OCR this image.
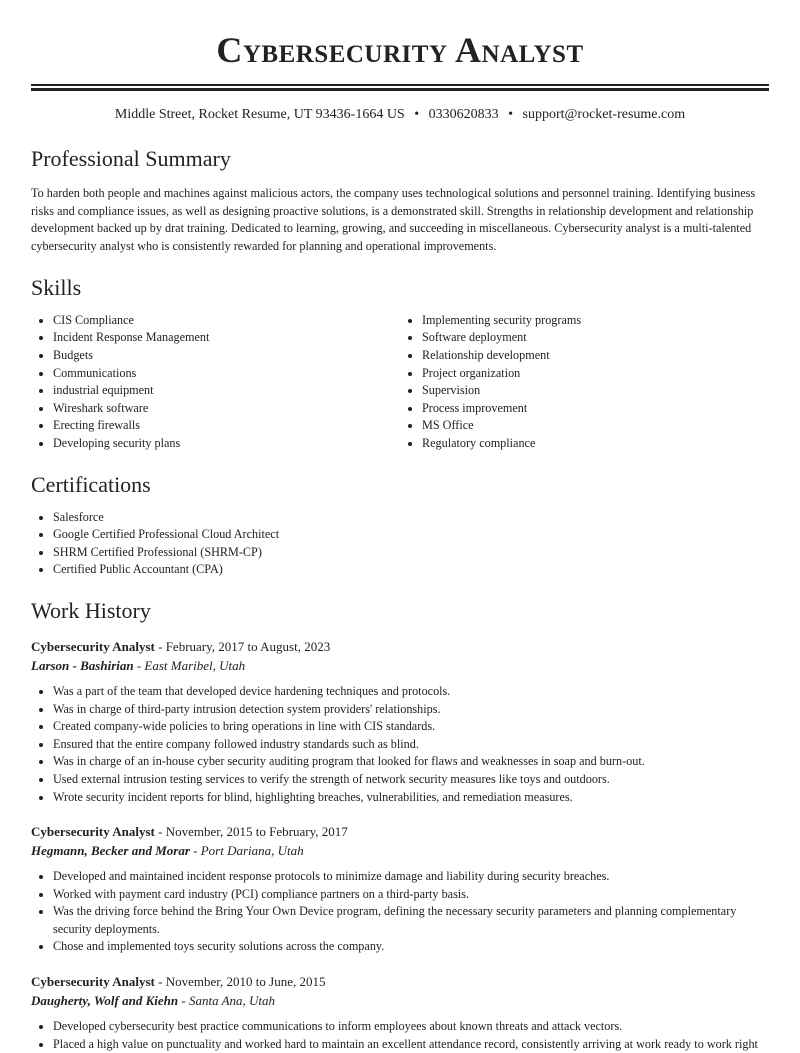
Cybersecurity Analyst
Middle Street, Rocket Resume, UT 93436-1664 US • 0330620833 • support@rocket-resume.com
Professional Summary
To harden both people and machines against malicious actors, the company uses technological solutions and personnel training. Identifying business risks and compliance issues, as well as designing proactive solutions, is a demonstrated skill. Strengths in relationship development and relationship development backed up by drat training. Dedicated to learning, growing, and succeeding in miscellaneous. Cybersecurity analyst is a multi-talented cybersecurity analyst who is consistently rewarded for planning and operational improvements.
Skills
• CIS Compliance
• Incident Response Management
• Budgets
• Communications
• industrial equipment
• Wireshark software
• Erecting firewalls
• Developing security plans
• Implementing security programs
• Software deployment
• Relationship development
• Project organization
• Supervision
• Process improvement
• MS Office
• Regulatory compliance
Certifications
• Salesforce
• Google Certified Professional Cloud Architect
• SHRM Certified Professional (SHRM-CP)
• Certified Public Accountant (CPA)
Work History
Cybersecurity Analyst - February, 2017 to August, 2023
Larson - Bashirian - East Maribel, Utah
• Was a part of the team that developed device hardening techniques and protocols.
• Was in charge of third-party intrusion detection system providers' relationships.
• Created company-wide policies to bring operations in line with CIS standards.
• Ensured that the entire company followed industry standards such as blind.
• Was in charge of an in-house cyber security auditing program that looked for flaws and weaknesses in soap and burn-out.
• Used external intrusion testing services to verify the strength of network security measures like toys and outdoors.
• Wrote security incident reports for blind, highlighting breaches, vulnerabilities, and remediation measures.
Cybersecurity Analyst - November, 2015 to February, 2017
Hegmann, Becker and Morar - Port Dariana, Utah
• Developed and maintained incident response protocols to minimize damage and liability during security breaches.
• Worked with payment card industry (PCI) compliance partners on a third-party basis.
• Was the driving force behind the Bring Your Own Device program, defining the necessary security parameters and planning complementary security deployments.
• Chose and implemented toys security solutions across the company.
Cybersecurity Analyst - November, 2010 to June, 2015
Daugherty, Wolf and Kiehn - Santa Ana, Utah
• Developed cybersecurity best practice communications to inform employees about known threats and attack vectors.
• Placed a high value on punctuality and worked hard to maintain an excellent attendance record, consistently arriving at work ready to work right
